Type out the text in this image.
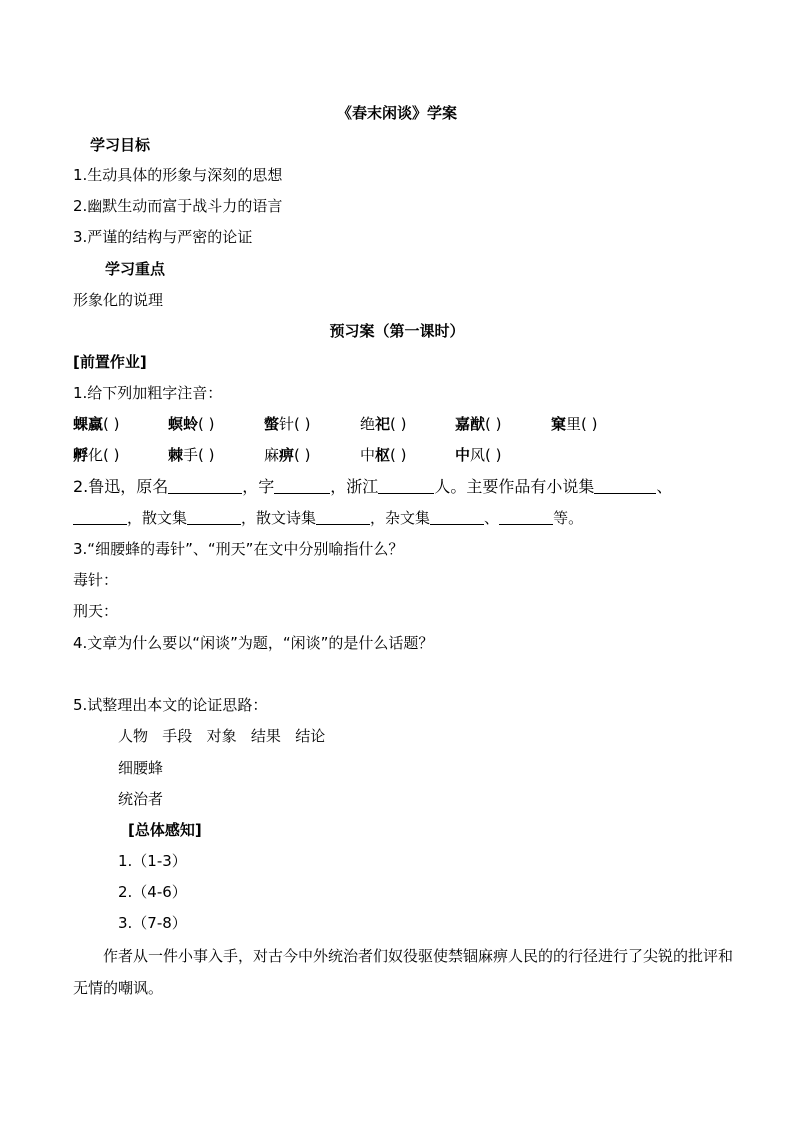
《春末闲谈》学案
学习目标
1.生动具体的形象与深刻的思想
2.幽默生动而富于战斗力的语言
3.严谨的结构与严密的论证
学习重点
形象化的说理
预习案（第一课时）
[前置作业]
1.给下列加粗字注音：
蜾蠃( )	螟蛉( )	螫针( )	绝祀( )	嘉猷( )	窠里( )
孵化( )	棘手( )	麻痹( )	中枢( )	中风( )
2.鲁迅，原名	，字	，浙江	人。主要作品有小说集	、
，散文集	，散文诗集	，杂文集	、	等。
3.“细腰蜂的毒针”、“刑天”在文中分别喻指什么？
毒针：
刑天：
4.文章为什么要以“闲谈”为题，“闲谈”的是什么话题？
5.试整理出本文的论证思路：
人物   手段   对象   结果   结论
细腰蜂
统治者
[总体感知]
1.（1-3）
2.（4-6）
3.（7-8）
作者从一件小事入手，对古今中外统治者们奴役驱使禁锢麻痹人民的的行径进行了尖锐的批评和无情的嘲讽。
